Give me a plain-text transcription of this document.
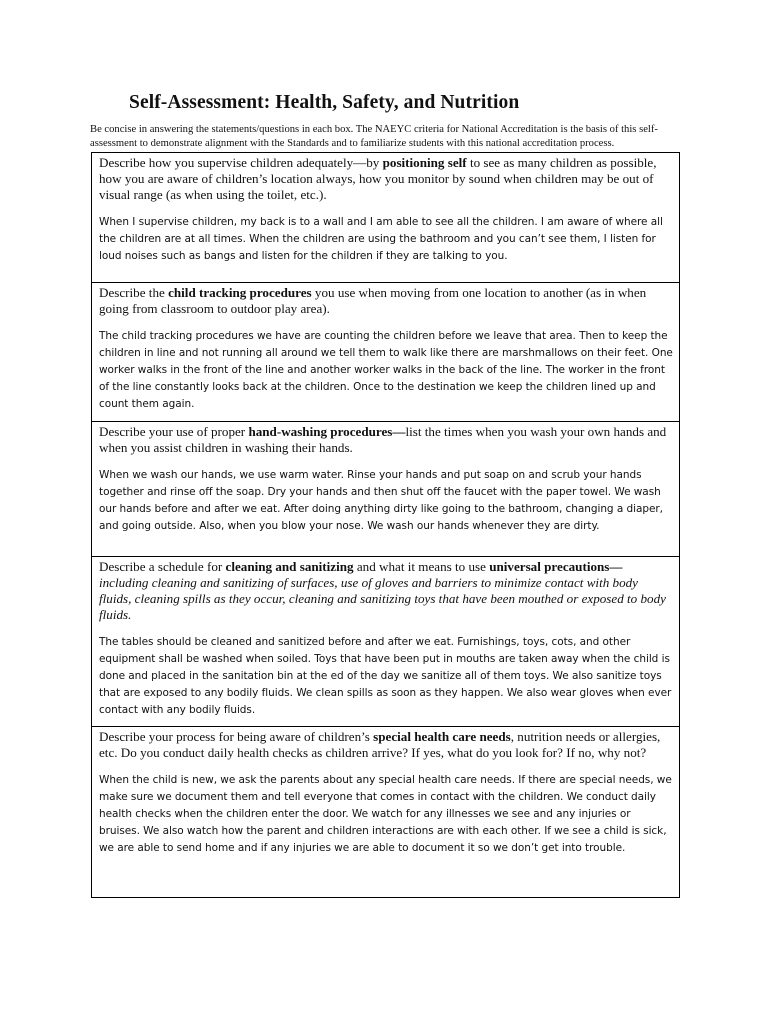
Self-Assessment: Health, Safety, and Nutrition

Be concise in answering the statements/questions in each box. The NAEYC criteria for National Accreditation is the basis of this self-assessment to demonstrate alignment with the Standards and to familiarize students with this national accreditation process.

Describe how you supervise children adequately—by positioning self to see as many children as possible, how you are aware of children’s location always, how you monitor by sound when children may be out of visual range (as when using the toilet, etc.).

When I supervise children, my back is to a wall and I am able to see all the children. I am aware of where all the children are at all times. When the children are using the bathroom and you can’t see them, I listen for loud noises such as bangs and listen for the children if they are talking to you.

Describe the child tracking procedures you use when moving from one location to another (as in when going from classroom to outdoor play area).

The child tracking procedures we have are counting the children before we leave that area. Then to keep the children in line and not running all around we tell them to walk like there are marshmallows on their feet. One worker walks in the front of the line and another worker walks in the back of the line. The worker in the front of the line constantly looks back at the children. Once to the destination we keep the children lined up and count them again.

Describe your use of proper hand-washing procedures—list the times when you wash your own hands and when you assist children in washing their hands.

When we wash our hands, we use warm water. Rinse your hands and put soap on and scrub your hands together and rinse off the soap. Dry your hands and then shut off the faucet with the paper towel. We wash our hands before and after we eat. After doing anything dirty like going to the bathroom, changing a diaper, and going outside. Also, when you blow your nose. We wash our hands whenever they are dirty.

Describe a schedule for cleaning and sanitizing and what it means to use universal precautions—
including cleaning and sanitizing of surfaces, use of gloves and barriers to minimize contact with body fluids, cleaning spills as they occur, cleaning and sanitizing toys that have been mouthed or exposed to body fluids.

The tables should be cleaned and sanitized before and after we eat. Furnishings, toys, cots, and other equipment shall be washed when soiled. Toys that have been put in mouths are taken away when the child is done and placed in the sanitation bin at the ed of the day we sanitize all of them toys. We also sanitize toys that are exposed to any bodily fluids. We clean spills as soon as they happen. We also wear gloves when ever contact with any bodily fluids.

Describe your process for being aware of children’s special health care needs, nutrition needs or allergies, etc. Do you conduct daily health checks as children arrive? If yes, what do you look for? If no, why not?

When the child is new, we ask the parents about any special health care needs. If there are special needs, we make sure we document them and tell everyone that comes in contact with the children. We conduct daily health checks when the children enter the door. We watch for any illnesses we see and any injuries or bruises. We also watch how the parent and children interactions are with each other. If we see a child is sick, we are able to send home and if any injuries we are able to document it so we don’t get into trouble.
